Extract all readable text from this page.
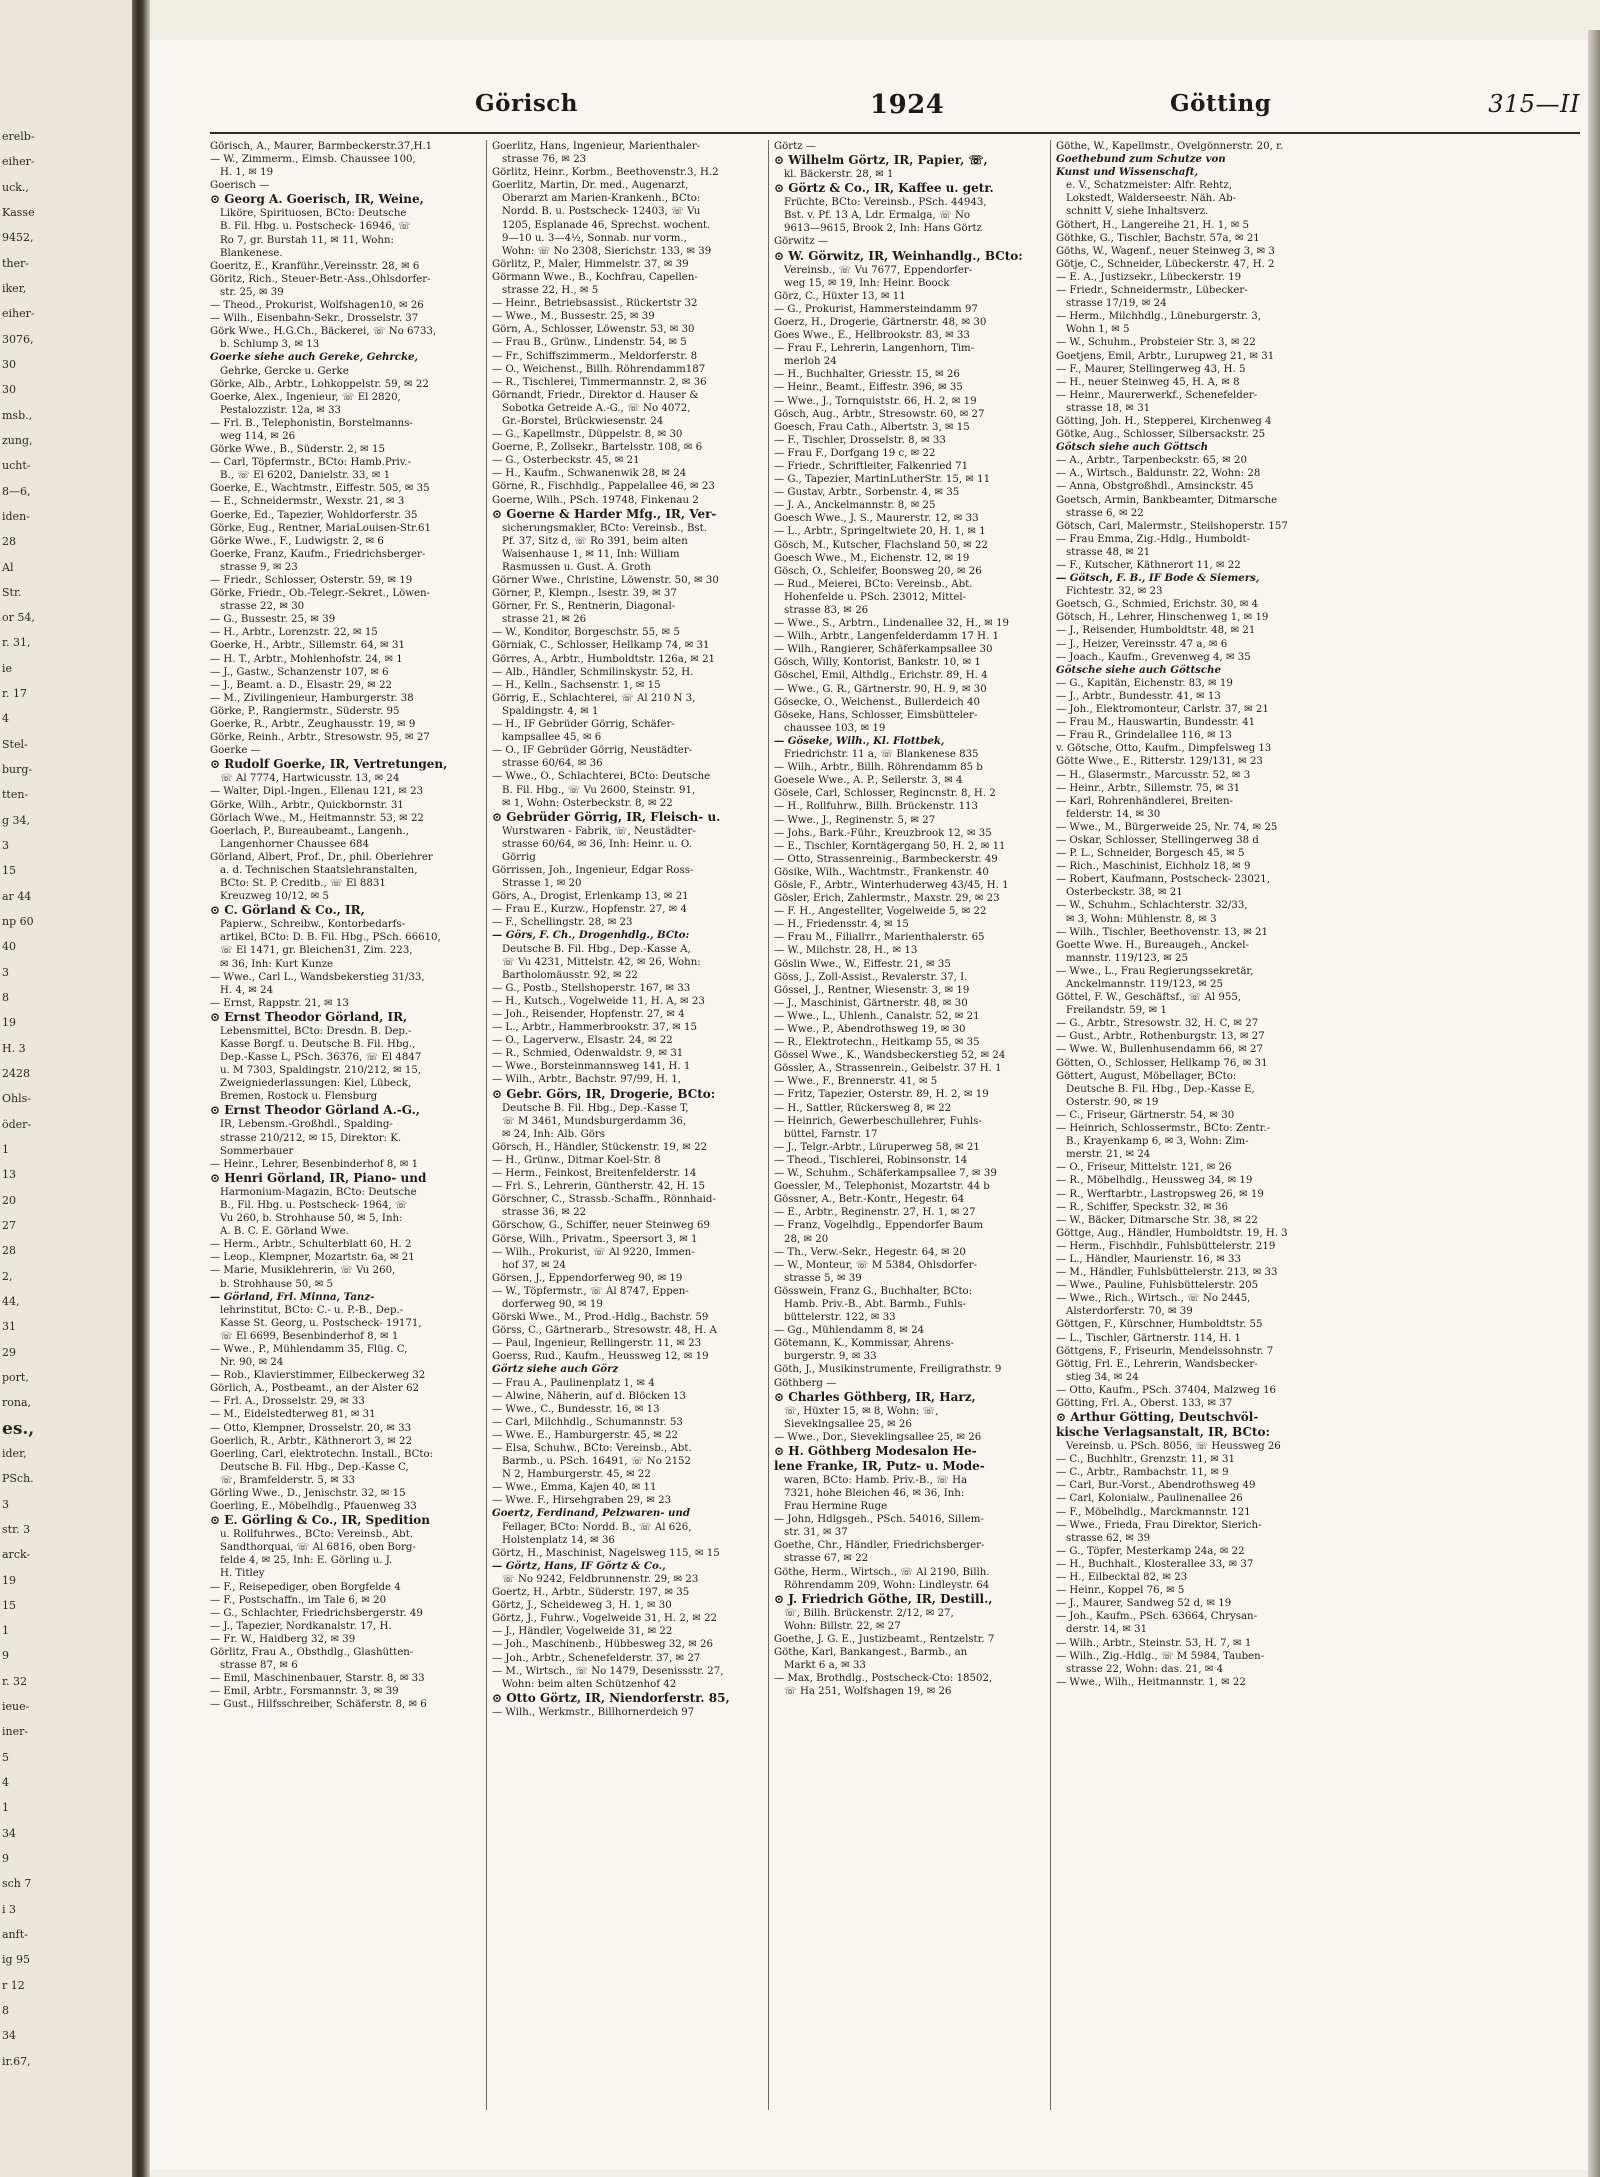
erelb-
eiher-
uck.,
Kasse
9452,
ther-
iker,
eiher-
3076,
30
30
msb.,
zung,
ucht-
8—6,
iden-
28
Al
Str.
or 54,
r. 31,
ie
r. 17
4
Stel-
burg-
tten-
g 34,
3
15
ar 44
np 60
40
3
8
19
H. 3
2428
Ohls-
öder-
1
13
20
27
28
2,
44,
31
29
port,
rona,
es.,
ider,
PSch.
3
str. 3
arck-
19
15
1
9
r. 32
ieue-
iner-
5
4
1
34
9
sch 7
i 3
anft-
ig 95
r 12
8
34
ir.67,
Görisch	1924	Götting	315—II
Görisch, A., Maurer, Barmbeckerstr.37,H.1
— W., Zimmerm., Eimsb. Chaussee 100,
H. 1, ✉ 19
Goerisch —
⊙ Georg A. Goerisch, IR, Weine,
Liköre, Spirituosen, BCto: Deutsche
B. Fil. Hbg. u. Postscheck- 16946, ☏
Ro 7, gr. Burstah 11, ✉ 11, Wohn:
Blankenese.
Goeritz, E., Kranführ.,Vereinsstr. 28, ✉ 6
Göritz, Rich., Steuer-Betr.-Ass.,Ohlsdorfer-
str. 25, ✉ 39
— Theod., Prokurist, Wolfshagen10, ✉ 26
— Wilh., Eisenbahn-Sekr., Drosselstr. 37
Görk Wwe., H.G.Ch., Bäckerei, ☏ No 6733,
b. Schlump 3, ✉ 13
Goerke siehe auch Gereke, Gehrcke,
Gehrke, Gercke u. Gerke
Görke, Alb., Arbtr., Lohkoppelstr. 59, ✉ 22
Goerke, Alex., Ingenieur, ☏ El 2820,
Pestalozzistr. 12a, ✉ 33
— Frl. B., Telephonistin, Borstelmanns-
weg 114, ✉ 26
Görke Wwe., B., Süderstr. 2, ✉ 15
— Carl, Töpfermstr., BCto: Hamb.Priv.-
B., ☏ El 6202, Danielstr. 33, ✉ 1
Goerke, E., Wachtmstr., Eiffestr. 505, ✉ 35
— E., Schneidermstr., Wexstr. 21, ✉ 3
Goerke, Ed., Tapezier, Wohldorferstr. 35
Görke, Eug., Rentner, MariaLouisen-Str.61
Görke Wwe., F., Ludwigstr. 2, ✉ 6
Goerke, Franz, Kaufm., Friedrichsberger-
strasse 9, ✉ 23
— Friedr., Schlosser, Osterstr. 59, ✉ 19
Görke, Friedr., Ob.-Telegr.-Sekret., Löwen-
strasse 22, ✉ 30
— G., Bussestr. 25, ✉ 39
— H., Arbtr., Lorenzstr. 22, ✉ 15
Goerke, H., Arbtr., Sillemstr. 64, ✉ 31
— H. T., Arbtr., Mohlenhofstr. 24, ✉ 1
— J., Gastw., Schanzenstr 107, ✉ 6
— J., Beamt. a. D., Elsastr. 29, ✉ 22
— M., Zivilingenieur, Hamburgerstr. 38
Görke, P., Rangiermstr., Süderstr. 95
Goerke, R., Arbtr., Zeughausstr. 19, ✉ 9
Görke, Reinh., Arbtr., Stresowstr. 95, ✉ 27
Goerke —
⊙ Rudolf Goerke, IR, Vertretungen,
☏ Al 7774, Hartwicusstr. 13, ✉ 24
— Walter, Dipl.-Ingen., Ellenau 121, ✉ 23
Görke, Wilh., Arbtr., Quickbornstr. 31
Görlach Wwe., M., Heitmannstr. 53, ✉ 22
Goerlach, P., Bureaubeamt., Langenh.,
Langenhorner Chaussee 684
Görland, Albert, Prof., Dr., phil. Oberlehrer
a. d. Technischen Staatslehranstalten,
BCto: St. P. Creditb., ☏ El 8831
Kreuzweg 10/12, ✉ 5
⊙ C. Görland & Co., IR,
Papierw., Schreibw., Kontorbedarfs-
artikel, BCto: D. B. Fil. Hbg., PSch. 66610,
☏ El 1471, gr. Bleichen31, Zim. 223,
✉ 36, Inh: Kurt Kunze
— Wwe., Carl L., Wandsbekerstieg 31/33,
H. 4, ✉ 24
— Ernst, Rappstr. 21, ✉ 13
⊙ Ernst Theodor Görland, IR,
Lebensmittel, BCto: Dresdn. B. Dep.-
Kasse Borgf. u. Deutsche B. Fil. Hbg.,
Dep.-Kasse L, PSch. 36376, ☏ El 4847
u. M 7303, Spaldingstr. 210/212, ✉ 15,
Zweigniederlassungen: Kiel, Lübeck,
Bremen, Rostock u. Flensburg
⊙ Ernst Theodor Görland A.-G.,
IR, Lebensm.-Großhdl., Spalding-
strasse 210/212, ✉ 15, Direktor: K.
Sommerbauer
— Heinr., Lehrer, Besenbinderhof 8, ✉ 1
⊙ Henri Görland, IR, Piano- und
Harmonium-Magazin, BCto: Deutsche
B., Fil. Hbg. u. Postscheck- 1964, ☏
Vu 260, b. Strohhause 50, ✉ 5, Inh:
A. B. C. E. Görland Wwe.
— Herm., Arbtr., Schulterblatt 60, H. 2
— Leop., Klempner, Mozartstr. 6a, ✉ 21
— Marie, Musiklehrerin, ☏ Vu 260,
b. Strohhause 50, ✉ 5
— Görland, Frl. Minna, Tanz-
lehrinstitut, BCto: C.- u. P.-B., Dep.-
Kasse St. Georg, u. Postscheck- 19171,
☏ El 6699, Besenbinderhof 8, ✉ 1
— Wwe., P., Mühlendamm 35, Flüg. C,
Nr. 90, ✉ 24
— Rob., Klavierstimmer, Eilbeckerweg 32
Görlich, A., Postbeamt., an der Alster 62
— Frl. A., Drosselstr. 29, ✉ 33
— M., Eidelstedterweg 81, ✉ 31
— Otto, Klempner, Drosselstr. 20, ✉ 33
Goerlich, R., Arbtr., Käthnerort 3, ✉ 22
Goerling, Carl, elektrotechn. Install., BCto:
Deutsche B. Fil. Hbg., Dep.-Kasse C,
☏, Bramfelderstr. 5, ✉ 33
Görling Wwe., D., Jenischstr. 32, ✉ 15
Goerling, E., Möbelhdlg., Pfauenweg 33
⊙ E. Görling & Co., IR, Spedition
u. Rollfuhrwes., BCto: Vereinsb., Abt.
Sandthorquai, ☏ Al 6816, oben Borg-
felde 4, ✉ 25, Inh: E. Görling u. J.
H. Titley
— F., Reisepediger, oben Borgfelde 4
— F., Postschaffn., im Tale 6, ✉ 20
— G., Schlachter, Friedrichsbergerstr. 49
— J., Tapezier, Nordkanalstr. 17, H.
— Fr. W., Haidberg 32, ✉ 39
Görlitz, Frau A., Obsthdlg., Glashütten-
strasse 87, ✉ 6
— Emil, Maschinenbauer, Starstr. 8, ✉ 33
— Emil, Arbtr., Forsmannstr. 3, ✉ 39
— Gust., Hilfsschreiber, Schäferstr. 8, ✉ 6
Goerlitz, Hans, Ingenieur, Marienthaler-
strasse 76, ✉ 23
Görlitz, Heinr., Korbm., Beethovenstr.3, H.2
Goerlitz, Martin, Dr. med., Augenarzt,
Oberarzt am Marien-Krankenh., BCto:
Nordd. B. u. Postscheck- 12403, ☏ Vu
1205, Esplanade 46, Sprechst. wochent.
9—10 u. 3—4½, Sonnab. nur vorm.,
Wohn: ☏ No 2308, Sierichstr. 133, ✉ 39
Görlitz, P., Maler, Himmelstr. 37, ✉ 39
Görmann Wwe., B., Kochfrau, Capellen-
strasse 22, H., ✉ 5
— Heinr., Betriebsassist., Rückertstr 32
— Wwe., M., Bussestr. 25, ✉ 39
Görn, A., Schlosser, Löwenstr. 53, ✉ 30
— Frau B., Grünw., Lindenstr. 54, ✉ 5
— Fr., Schiffszimmerm., Meldorferstr. 8
— O., Weichenst., Billh. Röhrendamm187
— R., Tischlerei, Timmermannstr. 2, ✉ 36
Görnandt, Friedr., Direktor d. Hauser &
Sobotka Getreide A.-G., ☏ No 4072,
Gr.-Borstel, Brückwiesenstr. 24
— G., Kapellmstr., Düppelstr. 8, ✉ 30
Goerne, P., Zollsekr., Bartelsstr. 108, ✉ 6
— G., Osterbeckstr. 45, ✉ 21
— H., Kaufm., Schwanenwik 28, ✉ 24
Görne, R., Fischhdlg., Pappelallee 46, ✉ 23
Goerne, Wilh., PSch. 19748, Finkenau 2
⊙ Goerne & Harder Mfg., IR, Ver-
sicherungsmakler, BCto: Vereinsb., Bst.
Pf. 37, Sitz d, ☏ Ro 391, beim alten
Waisenhause 1, ✉ 11, Inh: William
Rasmussen u. Gust. A. Groth
Görner Wwe., Christine, Löwenstr. 50, ✉ 30
Görner, P., Klempn., Isestr. 39, ✉ 37
Görner, Fr. S., Rentnerin, Diagonal-
strasse 21, ✉ 26
— W., Konditor, Borgeschstr. 55, ✉ 5
Görniak, C., Schlosser, Hellkamp 74, ✉ 31
Görres, A., Arbtr., Humboldtstr. 126a, ✉ 21
— Alb., Händler, Schmilinskystr. 52, H.
— H., Kelln., Sachsenstr. 1, ✉ 15
Görrig, E., Schlachterei, ☏ Al 210 N 3,
Spaldingstr. 4, ✉ 1
— H., IF Gebrüder Görrig, Schäfer-
kampsallee 45, ✉ 6
— O., IF Gebrüder Görrig, Neustädter-
strasse 60/64, ✉ 36
— Wwe., O., Schlachterei, BCto: Deutsche
B. Fil. Hbg., ☏ Vu 2600, Steinstr. 91,
✉ 1, Wohn: Osterbeckstr. 8, ✉ 22
⊙ Gebrüder Görrig, IR, Fleisch- u.
Wurstwaren - Fabrik, ☏, Neustädter-
strasse 60/64, ✉ 36, Inh: Heinr. u. O.
Görrig
Görrissen, Joh., Ingenieur, Edgar Ross-
Strasse 1, ✉ 20
Görs, A., Drogist, Erlenkamp 13, ✉ 21
— Frau E., Kurzw., Hopfenstr. 27, ✉ 4
— F., Schellingstr. 28, ✉ 23
— Görs, F. Ch., Drogenhdlg., BCto:
Deutsche B. Fil. Hbg., Dep.-Kasse A,
☏ Vu 4231, Mittelstr. 42, ✉ 26, Wohn:
Bartholomäusstr. 92, ✉ 22
— G., Postb., Stellshoperstr. 167, ✉ 33
— H., Kutsch., Vogelweide 11, H. A, ✉ 23
— Joh., Reisender, Hopfenstr. 27, ✉ 4
— L., Arbtr., Hammerbrookstr. 37, ✉ 15
— O., Lagerverw., Elsastr. 24, ✉ 22
— R., Schmied, Odenwaldstr. 9, ✉ 31
— Wwe., Borsteinmannsweg 141, H. 1
— Wilh., Arbtr., Bachstr. 97/99, H. 1,
⊙ Gebr. Görs, IR, Drogerie, BCto:
Deutsche B. Fil. Hbg., Dep.-Kasse T,
☏ M 3461, Mundsburgerdamm 36,
✉ 24, Inh: Alb. Görs
Görsch, H., Händler, Stückenstr. 19, ✉ 22
— H., Grünw., Ditmar Koel-Str. 8
— Herm., Feinkost, Breitenfelderstr. 14
— Frl. S., Lehrerin, Güntherstr. 42, H. 15
Görschner, C., Strassb.-Schaffn., Rönnhaid-
strasse 36, ✉ 22
Görschow, G., Schiffer, neuer Steinweg 69
Görse, Wilh., Privatm., Speersort 3, ✉ 1
— Wilh., Prokurist, ☏ Al 9220, Immen-
hof 37, ✉ 24
Görsen, J., Eppendorferweg 90, ✉ 19
— W., Töpfermstr., ☏ Al 8747, Eppen-
dorferweg 90, ✉ 19
Görski Wwe., M., Prod.-Hdlg., Bachstr. 59
Görss, C., Gärtnerarb., Stresowstr. 48, H. A
— Paul, Ingenieur, Rellingerstr. 11, ✉ 23
Goerss, Rud., Kaufm., Heussweg 12, ✉ 19
Görtz siehe auch Görz
— Frau A., Paulinenplatz 1, ✉ 4
— Alwine, Näherin, auf d. Blöcken 13
— Wwe., C., Bundesstr. 16, ✉ 13
— Carl, Milchhdlg., Schumannstr. 53
— Wwe. E., Hamburgerstr. 45, ✉ 22
— Elsa, Schuhw., BCto: Vereinsb., Abt.
Barmb., u. PSch. 16491, ☏ No 2152
N 2, Hamburgerstr. 45, ✉ 22
— Wwe., Emma, Kajen 40, ✉ 11
— Wwe. F., Hirsehgraben 29, ✉ 23
Goertz, Ferdinand, Pelzwaren- und
Fellager, BCto: Nordd. B., ☏ Al 626,
Holstenplatz 14, ✉ 36
Görtz, H., Maschinist, Nagelsweg 115, ✉ 15
— Görtz, Hans, IF Görtz & Co.,
☏ No 9242, Feldbrunnenstr. 29, ✉ 23
Goertz, H., Arbtr., Süderstr. 197, ✉ 35
Görtz, J., Scheideweg 3, H. 1, ✉ 30
Görtz, J., Fuhrw., Vogelweide 31, H. 2, ✉ 22
— J., Händler, Vogelweide 31, ✉ 22
— Joh., Maschinenb., Hübbesweg 32, ✉ 26
— Joh., Arbtr., Schenefelderstr. 37, ✉ 27
— M., Wirtsch., ☏ No 1479, Desenissstr. 27,
Wohn: beim alten Schützenhof 42
⊙ Otto Görtz, IR, Niendorferstr. 85,
— Wilh., Werkmstr., Billhornerdeich 97
Görtz —
⊙ Wilhelm Görtz, IR, Papier, ☏,
kl. Bäckerstr. 28, ✉ 1
⊙ Görtz & Co., IR, Kaffee u. getr.
Früchte, BCto: Vereinsb., PSch. 44943,
Bst. v. Pf. 13 A, Ldr. Ermalga, ☏ No
9613—9615, Brook 2, Inh: Hans Görtz
Görwitz —
⊙ W. Görwitz, IR, Weinhandlg., BCto:
Vereinsb., ☏ Vu 7677, Eppendorfer-
weg 15, ✉ 19, Inh: Heinr. Boock
Görz, C., Hüxter 13, ✉ 11
— G., Prokurist, Hammersteindamm 97
Goerz, H., Drogerie, Gärtnerstr. 48, ✉ 30
Goes Wwe., E., Hellbrookstr. 83, ✉ 33
— Frau F., Lehrerin, Langenhorn, Tim-
merloh 24
— H., Buchhalter, Griesstr. 15, ✉ 26
— Heinr., Beamt., Eiffestr. 396, ✉ 35
— Wwe., J., Tornquiststr. 66, H. 2, ✉ 19
Gösch, Aug., Arbtr., Stresowstr. 60, ✉ 27
Goesch, Frau Cath., Albertstr. 3, ✉ 15
— F., Tischler, Drosselstr. 8, ✉ 33
— Frau F., Dorfgang 19 c, ✉ 22
— Friedr., Schriftleiter, Falkenried 71
— G., Tapezier, MartinLutherStr. 15, ✉ 11
— Gustav, Arbtr., Sorbenstr. 4, ✉ 35
— J. A., Anckelmannstr. 8, ✉ 25
Goesch Wwe., J. S., Maurerstr. 12, ✉ 33
— L., Arbtr., Springeltwiete 20, H. 1, ✉ 1
Gösch, M., Kutscher, Flachsland 50, ✉ 22
Goesch Wwe., M., Eichenstr. 12, ✉ 19
Gösch, O., Schleifer, Boonsweg 20, ✉ 26
— Rud., Meierei, BCto: Vereinsb., Abt.
Hohenfelde u. PSch. 23012, Mittel-
strasse 83, ✉ 26
— Wwe., S., Arbtrn., Lindenallee 32, H., ✉ 19
— Wilh., Arbtr., Langenfelderdamm 17 H. 1
— Wilh., Rangierer, Schäferkampsallee 30
Gösch, Willy, Kontorist, Bankstr. 10, ✉ 1
Göschel, Emil, Althdlg., Erichstr. 89, H. 4
— Wwe., G. R., Gärtnerstr. 90, H. 9, ✉ 30
Gösecke, O., Weichenst., Bullerdeich 40
Göseke, Hans, Schlosser, Eimsbütteler-
chaussee 103, ✉ 19
— Göseke, Wilh., Kl. Flottbek,
Friedrichstr. 11 a, ☏ Blankenese 835
— Wilh., Arbtr., Billh. Röhrendamm 85 b
Goesele Wwe., A. P., Seilerstr. 3, ✉ 4
Gösele, Carl, Schlosser, Regincnstr. 8, H. 2
— H., Rollfuhrw., Billh. Brückenstr. 113
— Wwe., J., Reginenstr. 5, ✉ 27
— Johs., Bark.-Führ., Kreuzbrook 12, ✉ 35
— E., Tischler, Korntägergang 50, H. 2, ✉ 11
— Otto, Strassenreinig., Barmbeckerstr. 49
Gösike, Wilh., Wachtmstr., Frankenstr. 40
Gösle, F., Arbtr., Winterhuderweg 43/45, H. 1
Gösler, Erich, Zahlermstr., Maxstr. 29, ✉ 23
— F. H., Angestellter, Vogelweide 5, ✉ 22
— H., Friedensstr. 4, ✉ 15
— Frau M., Filiallтr., Marienthalerstr. 65
— W., Milchstr. 28, H., ✉ 13
Göslin Wwe., W., Eiffestr. 21, ✉ 35
Göss, J., Zoll-Assist., Revalerstr. 37, I.
Gössel, J., Rentner, Wiesenstr. 3, ✉ 19
— J., Maschinist, Gärtnerstr. 48, ✉ 30
— Wwe., L., Uhlenh., Canalstr. 52, ✉ 21
— Wwe., P., Abendrothsweg 19, ✉ 30
— R., Elektrotechn., Heitkamp 55, ✉ 35
Gössel Wwe., K., Wandsbeckerstieg 52, ✉ 24
Gössler, A., Strassenrein., Geibelstr. 37 H. 1
— Wwe., F., Brennerstr. 41, ✉ 5
— Fritz, Tapezier, Osterstr. 89, H. 2, ✉ 19
— H., Sattler, Rückersweg 8, ✉ 22
— Heinrich, Gewerbeschullehrer, Fuhls-
büttel, Farnstr. 17
— J., Telgr.-Arbtr., Lüruperweg 58, ✉ 21
— Theod., Tischlerei, Robinsonstr. 14
— W., Schuhm., Schäferkampsallee 7, ✉ 39
Goessler, M., Telephonist, Mozartstr. 44 b
Gössner, A., Betr.-Kontr., Hegestr. 64
— E., Arbtr., Reginenstr. 27, H. 1, ✉ 27
— Franz, Vogelhdlg., Eppendorfer Baum
28, ✉ 20
— Th., Verw.-Sekr., Hegestr. 64, ✉ 20
— W., Monteur, ☏ M 5384, Ohlsdorfer-
strasse 5, ✉ 39
Gösswein, Franz G., Buchhalter, BCto:
Hamb. Priv.-B., Abt. Barmb., Fuhls-
büttelerstr. 122, ✉ 33
— Gg., Mühlendamm 8, ✉ 24
Götemann, K., Kommissar, Ahrens-
burgerstr. 9, ✉ 33
Göth, J., Musikinstrumente, Freiligrathstr. 9
Göthberg —
⊙ Charles Göthberg, IR, Harz,
☏, Hüxter 15, ✉ 8, Wohn: ☏,
Sieveklngsallee 25, ✉ 26
— Wwe., Dor., Sieveklingsallee 25, ✉ 26
⊙ H. Göthberg Modesalon He-
lene Franke, IR, Putz- u. Mode-
waren, BCto: Hamb. Priv.-B., ☏ Ha
7321, hohe Bleichen 46, ✉ 36, Inh:
Frau Hermine Ruge
— John, Hdlgsgeh., PSch. 54016, Sillem-
str. 31, ✉ 37
Goethe, Chr., Händler, Friedrichsberger-
strasse 67, ✉ 22
Göthe, Herm., Wirtsch., ☏ Al 2190, Billh.
Röhrendamm 209, Wohn: Lindleystr. 64
⊙ J. Friedrich Göthe, IR, Destill.,
☏, Billh. Brückenstr. 2/12, ✉ 27,
Wohn: Billstr. 22, ✉ 27
Goethe, J. G. E., Justizbeamt., Rentzelstr. 7
Göthe, Karl, Bankangest., Barmb., an
Markt 6 a, ✉ 33
— Max, Brothdlg., Postscheck-Cto: 18502,
☏ Ha 251, Wolfshagen 19, ✉ 26
Göthe, W., Kapellmstr., Ovelgönnerstr. 20, r.
Goethebund zum Schutze von
Kunst und Wissenschaft,
e. V., Schatzmeister: Alfr. Rehtz,
Lokstedt, Walderseestr. Näh. Ab-
schnitt V, siehe Inhaltsverz.
Göthert, H., Langereihe 21, H. 1, ✉ 5
Göthke, G., Tischler, Bachstr. 57a, ✉ 21
Göths, W., Wagenf., neuer Steinweg 3, ✉ 3
Götje, C., Schneider, Lübeckerstr. 47, H. 2
— E. A., Justizsekr., Lübeckerstr. 19
— Friedr., Schneidermstr., Lübecker-
strasse 17/19, ✉ 24
— Herm., Milchhdlg., Lüneburgerstr. 3,
Wohn 1, ✉ 5
— W., Schuhm., Probsteier Str. 3, ✉ 22
Goetjens, Emil, Arbtr., Lurupweg 21, ✉ 31
— F., Maurer, Stellingerweg 43, H. 5
— H., neuer Steinweg 45, H. A, ✉ 8
— Heinr., Maurerwerkf., Schenefelder-
strasse 18, ✉ 31
Götting, Joh. H., Stepperei, Kirchenweg 4
Götke, Aug., Schlosser, Silbersackstr. 25
Götsch siehe auch Göttsch
— A., Arbtr., Tarpenbeckstr. 65, ✉ 20
— A., Wirtsch., Baldunstr. 22, Wohn: 28
— Anna, Obstgroßhdl., Amsinckstr. 45
Goetsch, Armin, Bankbeamter, Ditmarsche
strasse 6, ✉ 22
Götsch, Carl, Malermstr., Steilshoperstr. 157
— Frau Emma, Zig.-Hdlg., Humboldt-
strasse 48, ✉ 21
— F., Kutscher, Käthnerort 11, ✉ 22
— Götsch, F. B., IF Bode & Siemers,
Fichtestr. 32, ✉ 23
Goetsch, G., Schmied, Erichstr. 30, ✉ 4
Götsch, H., Lehrer, Hinschenweg 1, ✉ 19
— J., Reisender, Humboldtstr. 48, ✉ 21
— J., Heizer, Vereinsstr. 47 a, ✉ 6
— Joach., Kaufm., Grevenweg 4, ✉ 35
Götsche siehe auch Göttsche
— G., Kapitän, Eichenstr. 83, ✉ 19
— J., Arbtr., Bundesstr. 41, ✉ 13
— Joh., Elektromonteur, Carlstr. 37, ✉ 21
— Frau M., Hauswartin, Bundesstr. 41
— Frau R., Grindelallee 116, ✉ 13
v. Götsche, Otto, Kaufm., Dimpfelsweg 13
Götte Wwe., E., Ritterstr. 129/131, ✉ 23
— H., Glasermstr., Marcusstr. 52, ✉ 3
— Heinr., Arbtr., Sillemstr. 75, ✉ 31
— Karl, Rohrenhändlerei, Breiten-
felderstr. 14, ✉ 30
— Wwe., M., Bürgerweide 25, Nr. 74, ✉ 25
— Oskar, Schlosser, Stellingerweg 38 d
— P. L., Schneider, Borgesch 45, ✉ 5
— Rich., Maschinist, Eichholz 18, ✉ 9
— Robert, Kaufmann, Postscheck- 23021,
Osterbeckstr. 38, ✉ 21
— W., Schuhm., Schlachterstr. 32/33,
✉ 3, Wohn: Mühlenstr. 8, ✉ 3
— Wilh., Tischler, Beethovenstr. 13, ✉ 21
Goette Wwe. H., Bureaugeh., Anckel-
mannstr. 119/123, ✉ 25
— Wwe., L., Frau Regierungssekretär,
Anckelmannstr. 119/123, ✉ 25
Göttel, F. W., Geschäftsf., ☏ Al 955,
Freilandstr. 59, ✉ 1
— G., Arbtr., Stresowstr. 32, H. C, ✉ 27
— Gust., Arbtr., Rothenburgstr. 13, ✉ 27
— Wwe. W., Bullenhusendamm 66, ✉ 27
Götten, O., Schlosser, Hellkamp 76, ✉ 31
Göttert, August, Möbellager, BCto:
Deutsche B. Fil. Hbg., Dep.-Kasse E,
Osterstr. 90, ✉ 19
— C., Friseur, Gärtnerstr. 54, ✉ 30
— Heinrich, Schlossermstr., BCto: Zentr.-
B., Krayenkamp 6, ✉ 3, Wohn: Zim-
merstr. 21, ✉ 24
— O., Friseur, Mittelstr. 121, ✉ 26
— R., Möbelhdlg., Heussweg 34, ✉ 19
— R., Werftarbtr., Lastropsweg 26, ✉ 19
— R., Schiffer, Speckstr. 32, ✉ 36
— W., Bäcker, Ditmarsche Str. 38, ✉ 22
Göttge, Aug., Händler, Humboldtstr. 19, H. 3
— Herm., Fischhdlr., Fuhlsbüttelerstr. 219
— L., Händler, Maurienstr. 16, ✉ 33
— M., Händler, Fuhlsbüttelerstr. 213, ✉ 33
— Wwe., Pauline, Fuhlsbüttelerstr. 205
— Wwe., Rich., Wirtsch., ☏ No 2445,
Alsterdorferstr. 70, ✉ 39
Göttgen, F., Kürschner, Humboldtstr. 55
— L., Tischler, Gärtnerstr. 114, H. 1
Göttgens, F., Friseurin, Mendelssohnstr. 7
Göttig, Frl. E., Lehrerin, Wandsbecker-
stieg 34, ✉ 24
— Otto, Kaufm., PSch. 37404, Malzweg 16
Götting, Frl. A., Oberst. 133, ✉ 37
⊙ Arthur Götting, Deutschvöl-
kische Verlagsanstalt, IR, BCto:
Vereinsb. u. PSch. 8056, ☏ Heussweg 26
— C., Buchhltr., Grenzstr. 11, ✉ 31
— C., Arbtr., Rambachstr. 11, ✉ 9
— Carl, Bur.-Vorst., Abendrothsweg 49
— Carl, Kolonialw., Paulinenallee 26
— F., Möbelhdlg., Marckmannstr. 121
— Wwe., Frieda, Frau Direktor, Sierich-
strasse 62, ✉ 39
— G., Töpfer, Mesterkamp 24a, ✉ 22
— H., Buchhalt., Klosterallee 33, ✉ 37
— H., Eilbecktal 82, ✉ 23
— Heinr., Koppel 76, ✉ 5
— J., Maurer, Sandweg 52 d, ✉ 19
— Joh., Kaufm., PSch. 63664, Chrysan-
derstr. 14, ✉ 31
— Wilh., Arbtr., Steinstr. 53, H. 7, ✉ 1
— Wilh., Zig.-Hdlg., ☏ M 5984, Tauben-
strasse 22, Wohn: das. 21, ✉ 4
— Wwe., Wilh., Heitmannstr. 1, ✉ 22
